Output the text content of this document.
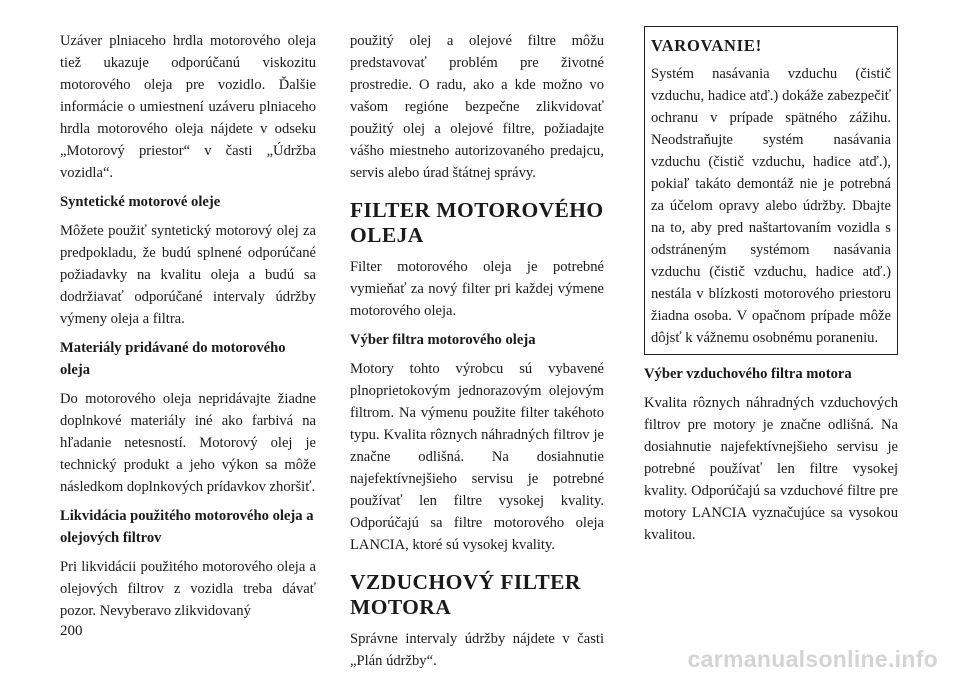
Uzáver plniaceho hrdla motorového oleja tiež ukazuje odporúčanú viskozitu motorového oleja pre vozidlo. Ďalšie informácie o umiestnení uzáveru plniaceho hrdla motorového oleja nájdete v odseku „Motorový priestor“ v časti „Údržba vozidla“.

Syntetické motorové oleje

Môžete použiť syntetický motorový olej za predpokladu, že budú splnené odporúčané požiadavky na kvalitu oleja a budú sa dodržiavať odporúčané intervaly údržby výmeny oleja a filtra.

Materiály pridávané do motorového oleja

Do motorového oleja nepridávajte žiadne doplnkové materiály iné ako farbivá na hľadanie netesností. Motorový olej je technický produkt a jeho výkon sa môže následkom doplnkových prídavkov zhoršiť.

Likvidácia použitého motorového oleja a olejových filtrov

Pri likvidácii použitého motorového oleja a olejových filtrov z vozidla treba dávať pozor. Nevyberavo zlikvidovaný

použitý olej a olejové filtre môžu predstavovať problém pre životné prostredie. O radu, ako a kde možno vo vašom regióne bezpečne zlikvidovať použitý olej a olejové filtre, požiadajte vášho miestneho autorizovaného predajcu, servis alebo úrad štátnej správy.

FILTER MOTOROVÉHO OLEJA

Filter motorového oleja je potrebné vymieňať za nový filter pri každej výmene motorového oleja.

Výber filtra motorového oleja

Motory tohto výrobcu sú vybavené plnoprietokovým jednorazovým olejovým filtrom. Na výmenu použite filter takéhoto typu. Kvalita rôznych náhradných filtrov je značne odlišná. Na dosiahnutie najefektívnejšieho servisu je potrebné používať len filtre vysokej kvality. Odporúčajú sa filtre motorového oleja LANCIA, ktoré sú vysokej kvality.

VZDUCHOVÝ FILTER MOTORA

Správne intervaly údržby nájdete v časti „Plán údržby“.

VAROVANIE!

Systém nasávania vzduchu (čistič vzduchu, hadice atď.) dokáže zabezpečiť ochranu v prípade spätného zážihu. Neodstraňujte systém nasávania vzduchu (čistič vzduchu, hadice atď.), pokiaľ takáto demontáž nie je potrebná za účelom opravy alebo údržby. Dbajte na to, aby pred naštartovaním vozidla s odstráneným systémom nasávania vzduchu (čistič vzduchu, hadice atď.) nestála v blízkosti motorového priestoru žiadna osoba. V opačnom prípade môže dôjsť k vážnemu osobnému poraneniu.

Výber vzduchového filtra motora

Kvalita rôznych náhradných vzduchových filtrov pre motory je značne odlišná. Na dosiahnutie najefektívnejšieho servisu je potrebné používať len filtre vysokej kvality. Odporúčajú sa vzduchové filtre pre motory LANCIA vyznačujúce sa vysokou kvalitou.

200
carmanualsonline.info
